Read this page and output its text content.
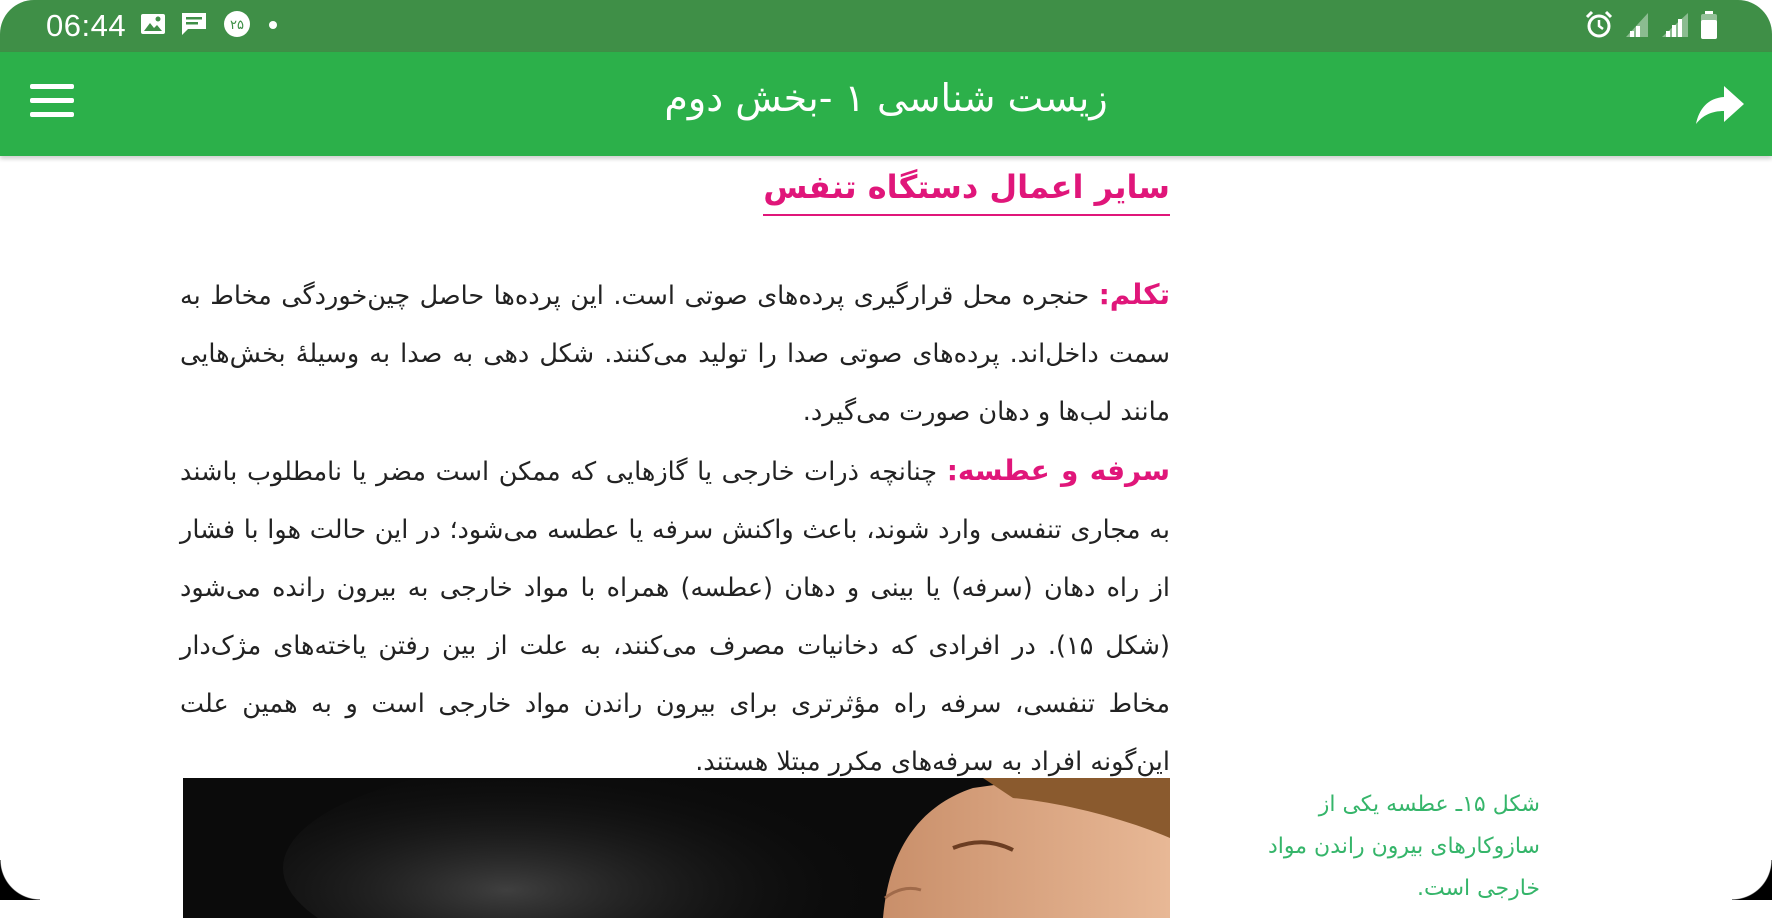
06:44	۲۵
زیست شناسی ۱ -بخش دوم
سایر اعمال دستگاه تنفس

تکلم: حنجره محل قرارگیری پرده‌های صوتی است. این پرده‌ها حاصل چین‌خوردگی مخاط به سمت داخل‌اند. پرده‌های صوتی صدا را تولید می‌کنند. شکل دهی به صدا به وسیلهٔ بخش‌هایی مانند لب‌ها و دهان صورت می‌گیرد.

سرفه و عطسه: چنانچه ذرات خارجی یا گازهایی که ممکن است مضر یا نامطلوب باشند به مجاری تنفسی وارد شوند، باعث واکنش سرفه یا عطسه می‌شود؛ در این حالت هوا با فشار از راه دهان (سرفه) یا بینی و دهان (عطسه) همراه با مواد خارجی به بیرون رانده می‌شود (شکل ۱۵). در افرادی که دخانیات مصرف می‌کنند، به علت از بین رفتن یاخته‌های مژک‌دار مخاط تنفسی، سرفه راه مؤثرتری برای بیرون راندن مواد خارجی است و به همین علت این‌گونه افراد به سرفه‌های مکرر مبتلا هستند.

شکل ۱۵ـ عطسه یکی از سازوکارهای بیرون راندن مواد خارجی است.
